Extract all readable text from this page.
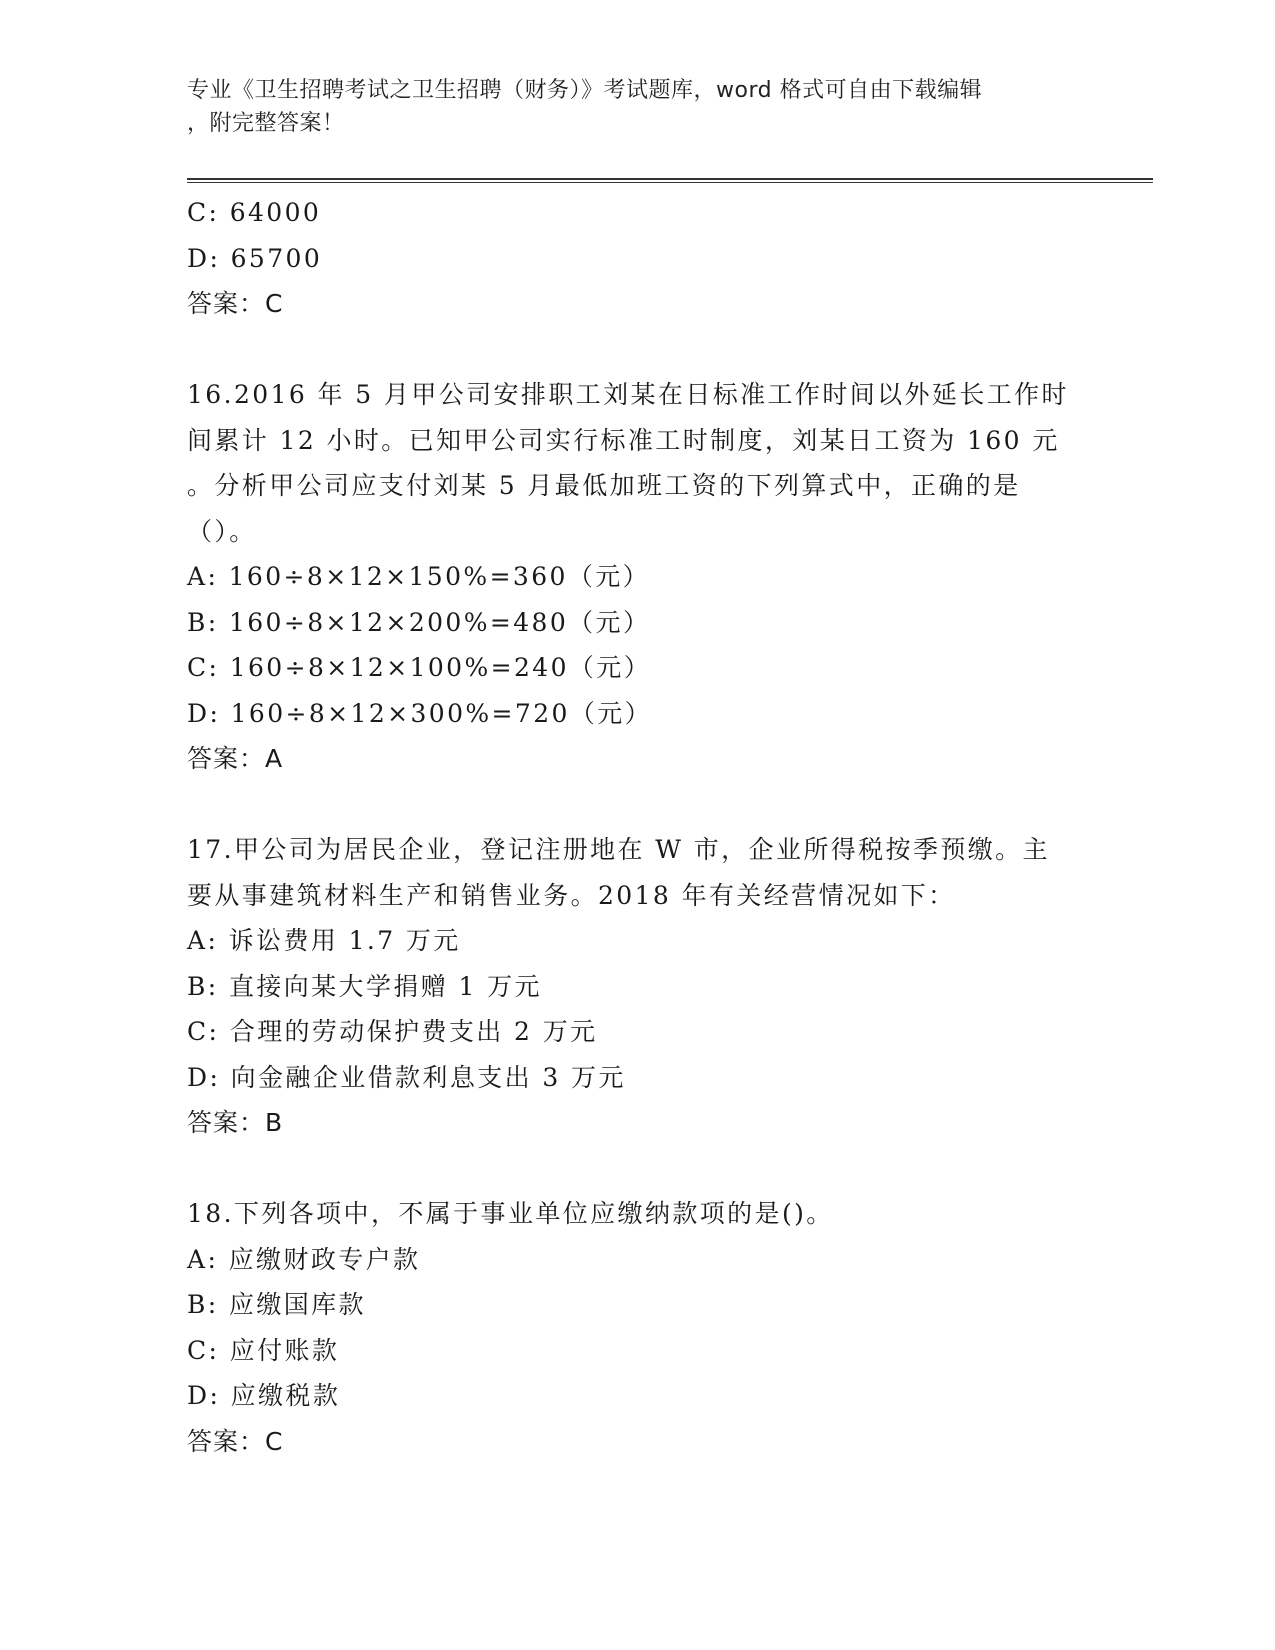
专业《卫生招聘考试之卫生招聘（财务）》考试题库，word 格式可自由下载编辑
，附完整答案！
C: 64000
D: 65700
答案：C
16.2016 年 5 月甲公司安排职工刘某在日标准工作时间以外延长工作时
间累计 12 小时。已知甲公司实行标准工时制度，刘某日工资为 160 元
。分析甲公司应支付刘某 5 月最低加班工资的下列算式中，正确的是
（）。
A: 160÷8×12×150%=360（元）
B: 160÷8×12×200%=480（元）
C: 160÷8×12×100%=240（元）
D: 160÷8×12×300%=720（元）
答案：A
17.甲公司为居民企业，登记注册地在 W 市，企业所得税按季预缴。主
要从事建筑材料生产和销售业务。2018 年有关经营情况如下：
A: 诉讼费用 1.7 万元
B: 直接向某大学捐赠 1 万元
C: 合理的劳动保护费支出 2 万元
D: 向金融企业借款利息支出 3 万元
答案：B
18.下列各项中，不属于事业单位应缴纳款项的是()。
A: 应缴财政专户款
B: 应缴国库款
C: 应付账款
D: 应缴税款
答案：C
